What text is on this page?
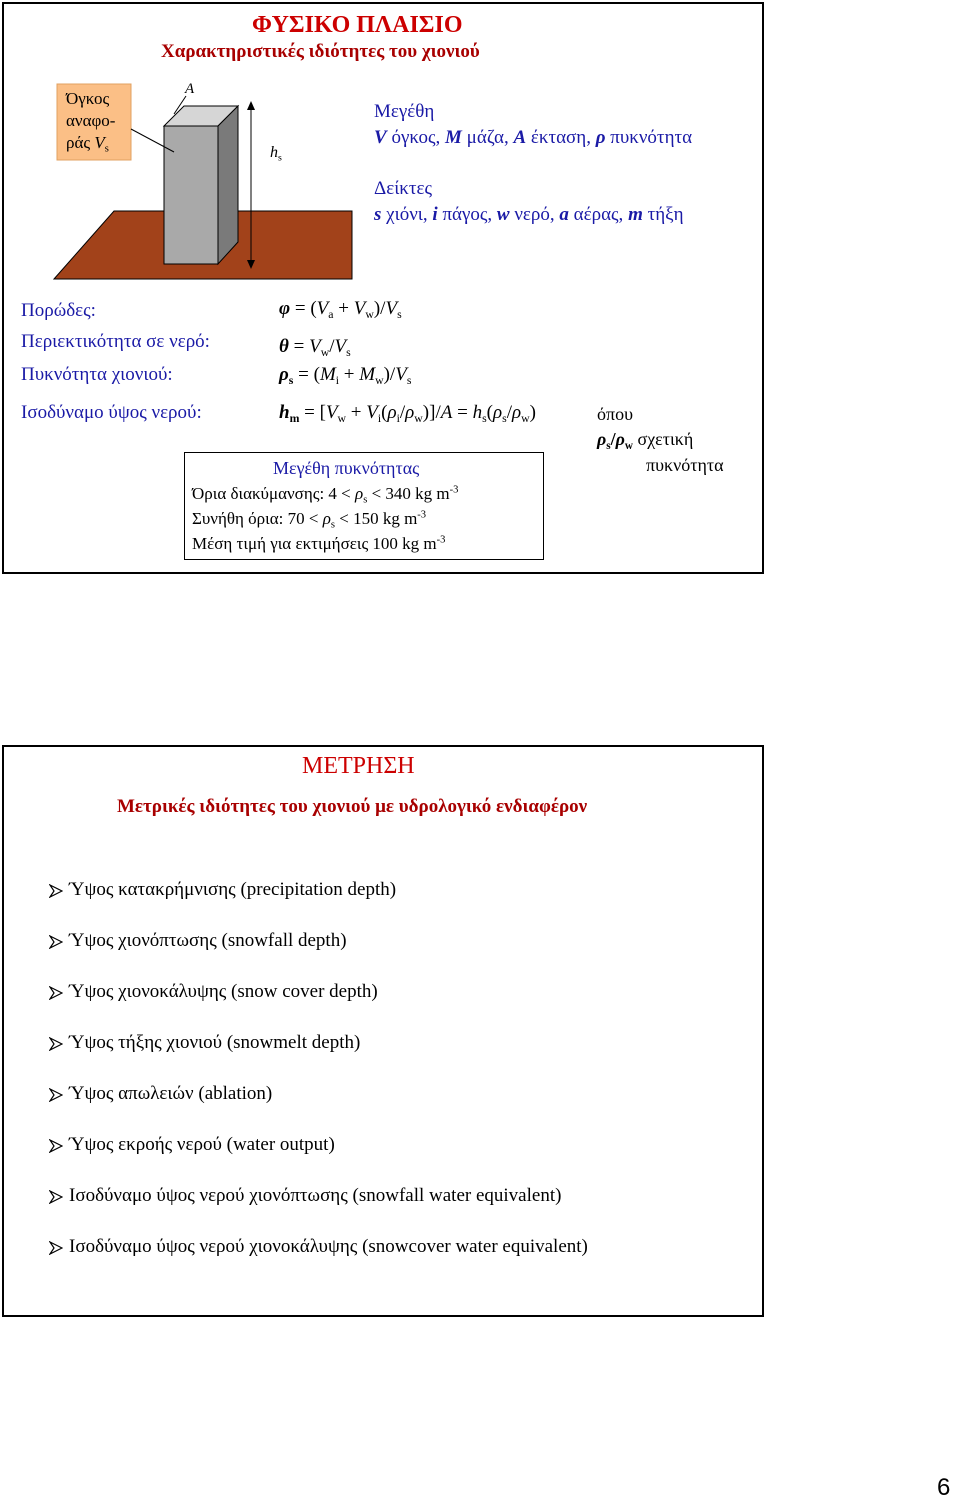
ΦΥΣΙΚΟ ΠΛΑΙΣΙΟ
Χαρακτηριστικές ιδιότητες του χιονιού
Όγκος
αναφο-
ράς $V_s$
A
$h_s$
Μεγέθη
V όγκος, M μάζα, A έκταση, ρ πυκνότητα
Δείκτες
s χιόνι, i πάγος, w νερό, a αέρας, m τήξη
Πορώδες:
Περιεκτικότητα σε νερό:
Πυκνότητα χιονιού:
Ισοδύναμο ύψος νερού:
$\varphi = (V_a + V_w)/V_s$
$\theta = V_w/V_s$
$\rho_s = (M_i + M_w)/V_s$
$h_m = [V_w + V_i(\rho_i/\rho_w)]/A = h_s(\rho_s/\rho_w)$	όπου
$\rho_s/\rho_w$ σχετική
πυκνότητα
Μεγέθη πυκνότητας
Όρια διακύμανσης: $4 < \rho_s < 340$ kg $m^{-3}$
Συνήθη όρια: $70 < \rho_s < 150$ kg $m^{-3}$
Μέση τιμή για εκτιμήσεις 100 kg $m^{-3}$
ΜΕΤΡΗΣΗ
Μετρικές ιδιότητες του χιονιού με υδρολογικό ενδιαφέρον
Ύψος κατακρήμνισης (precipitation depth)
Ύψος χιονόπτωσης (snowfall depth)
Ύψος χιονοκάλυψης (snow cover depth)
Ύψος τήξης χιονιού (snowmelt depth)
Ύψος απωλειών (ablation)
Ύψος εκροής νερού (water output)
Ισοδύναμο ύψος νερού χιονόπτωσης (snowfall water equivalent)
Ισοδύναμο ύψος νερού χιονοκάλυψης (snowcover water equivalent)
6
